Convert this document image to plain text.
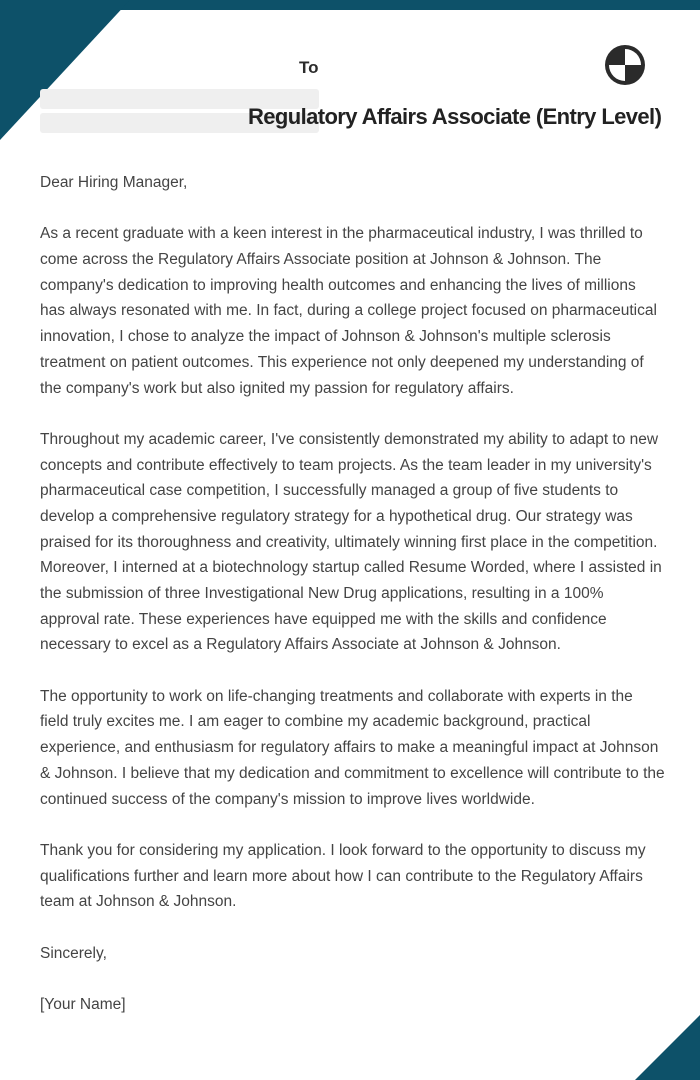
To
Regulatory Affairs Associate (Entry Level)

Dear Hiring Manager,

As a recent graduate with a keen interest in the pharmaceutical industry, I was thrilled to come across the Regulatory Affairs Associate position at Johnson & Johnson. The company's dedication to improving health outcomes and enhancing the lives of millions has always resonated with me. In fact, during a college project focused on pharmaceutical innovation, I chose to analyze the impact of Johnson & Johnson's multiple sclerosis treatment on patient outcomes. This experience not only deepened my understanding of the company's work but also ignited my passion for regulatory affairs.

Throughout my academic career, I've consistently demonstrated my ability to adapt to new concepts and contribute effectively to team projects. As the team leader in my university's pharmaceutical case competition, I successfully managed a group of five students to develop a comprehensive regulatory strategy for a hypothetical drug. Our strategy was praised for its thoroughness and creativity, ultimately winning first place in the competition. Moreover, I interned at a biotechnology startup called Resume Worded, where I assisted in the submission of three Investigational New Drug applications, resulting in a 100% approval rate. These experiences have equipped me with the skills and confidence necessary to excel as a Regulatory Affairs Associate at Johnson & Johnson.

The opportunity to work on life-changing treatments and collaborate with experts in the field truly excites me. I am eager to combine my academic background, practical experience, and enthusiasm for regulatory affairs to make a meaningful impact at Johnson & Johnson. I believe that my dedication and commitment to excellence will contribute to the continued success of the company's mission to improve lives worldwide.

Thank you for considering my application. I look forward to the opportunity to discuss my qualifications further and learn more about how I can contribute to the Regulatory Affairs team at Johnson & Johnson.

Sincerely,

[Your Name]
